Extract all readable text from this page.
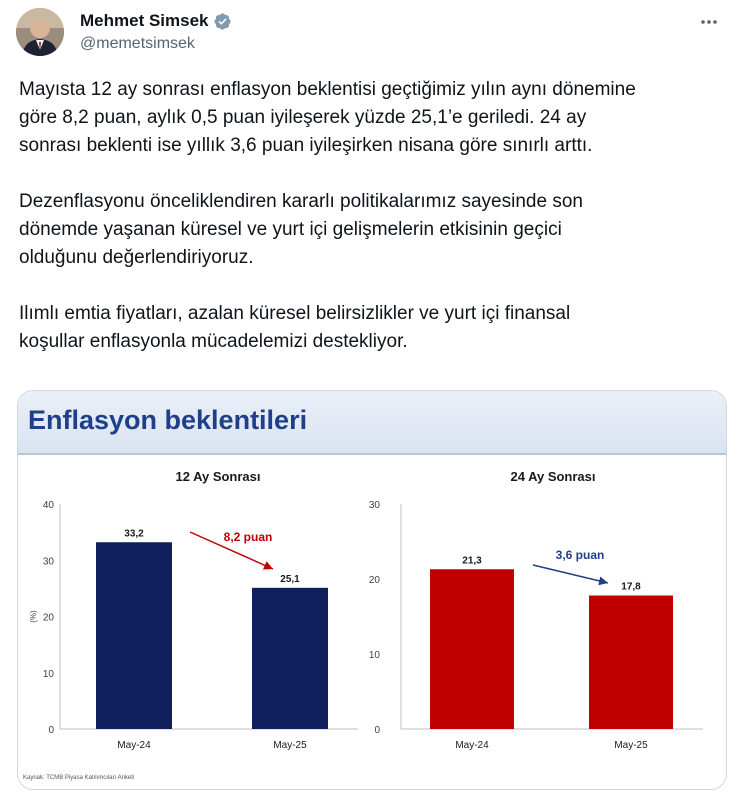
Mehmet Simsek
@memetsimsek
Mayısta 12 ay sonrası enflasyon beklentisi geçtiğimiz yılın aynı dönemine
göre 8,2 puan, aylık 0,5 puan iyileşerek yüzde 25,1’e geriledi. 24 ay
sonrası beklenti ise yıllık 3,6 puan iyileşirken nisana göre sınırlı arttı.

Dezenflasyonu önceliklendiren kararlı politikalarımız sayesinde son
dönemde yaşanan küresel ve yurt içi gelişmelerin etkisinin geçici
olduğunu değerlendiriyoruz.

Ilımlı emtia fiyatları, azalan küresel belirsizlikler ve yurt içi finansal
koşullar enflasyonla mücadelemizi destekliyor.
Enflasyon beklentileri
12 Ay Sonrası
0
10
20
30
40
(%)
33,2
May-24
25,1
May-25
8,2 puan
24 Ay Sonrası
0
10
20
30
21,3
May-24
17,8
May-25
3,6 puan
Kaynak: TCMB Piyasa Katılımcıları Anketi
